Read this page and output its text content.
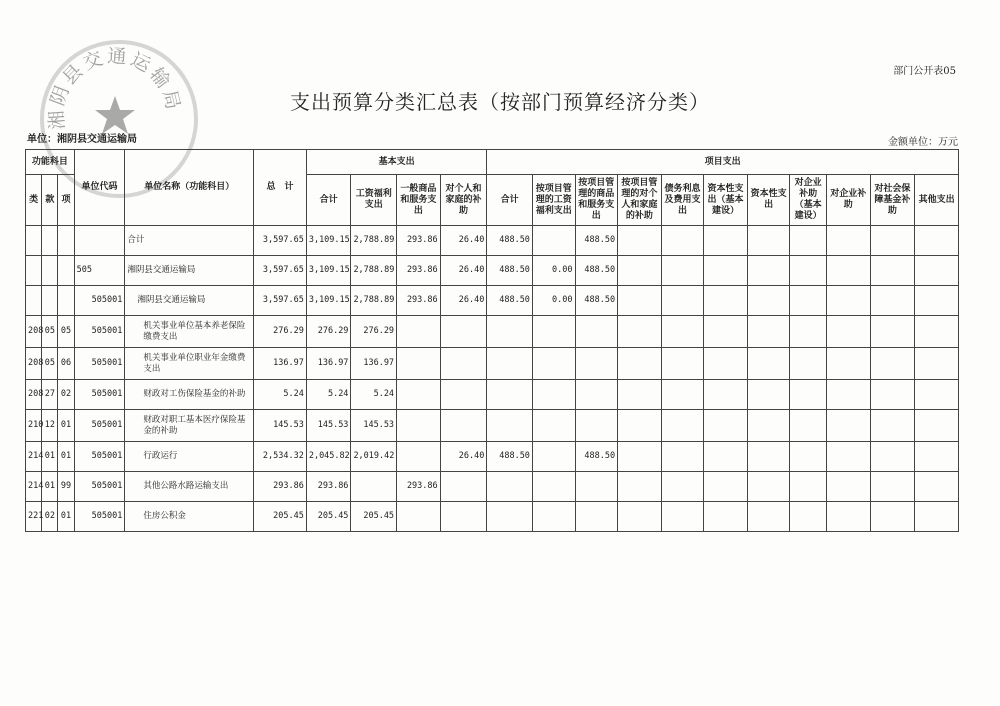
湘阴县交通运输局
部门公开表05
支出预算分类汇总表（按部门预算经济分类）
单位：湘阴县交通运输局	金额单位：万元
功能科目			单位代码	单位名称（功能科目）	总　计	基本支出				项目支出										
类	款	项				合计	工资福利支出	一般商品和服务支出	对个人和家庭的补助	合计	按项目管理的工资福利支出	按项目管理的商品和服务支出	按项目管理的对个人和家庭的补助	债务利息及费用支出	资本性支出（基本建设）	资本性支出	对企业补助（基本建设）	对企业补助	对社会保障基金补助	其他支出
				合计	3,597.65	3,109.15	2,788.89	293.86	26.40	488.50		488.50								
			505	湘阴县交通运输局	3,597.65	3,109.15	2,788.89	293.86	26.40	488.50	0.00	488.50								
			505001	湘阴县交通运输局	3,597.65	3,109.15	2,788.89	293.86	26.40	488.50	0.00	488.50								
208	05	05	505001	机关事业单位基本养老保险缴费支出	276.29	276.29	276.29													
208	05	06	505001	机关事业单位职业年金缴费支出	136.97	136.97	136.97													
208	27	02	505001	财政对工伤保险基金的补助	5.24	5.24	5.24													
210	12	01	505001	财政对职工基本医疗保险基金的补助	145.53	145.53	145.53													
214	01	01	505001	行政运行	2,534.32	2,045.82	2,019.42		26.40	488.50		488.50								
214	01	99	505001	其他公路水路运输支出	293.86	293.86		293.86												
221	02	01	505001	住房公积金	205.45	205.45	205.45													
